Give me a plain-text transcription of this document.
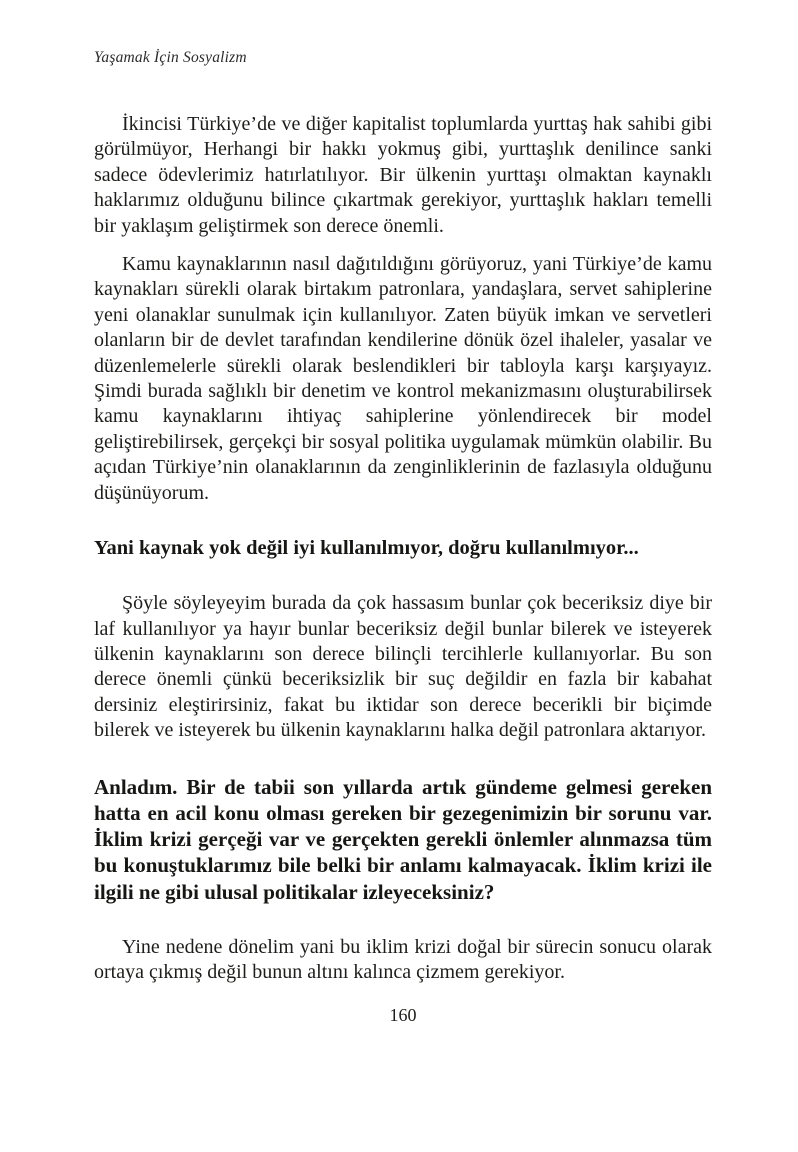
Yaşamak İçin Sosyalizm

İkincisi Türkiye’de ve diğer kapitalist toplumlarda yurttaş hak sahibi gibi görülmüyor, Herhangi bir hakkı yokmuş gibi, yurttaşlık denilince sanki sadece ödevlerimiz hatırlatılıyor. Bir ülkenin yurttaşı olmaktan kaynaklı haklarımız olduğunu bilince çıkartmak gerekiyor, yurttaşlık hakları temelli bir yaklaşım geliştirmek son derece önemli.

Kamu kaynaklarının nasıl dağıtıldığını görüyoruz, yani Türkiye’de kamu kaynakları sürekli olarak birtakım patronlara, yandaşlara, servet sahiplerine yeni olanaklar sunulmak için kullanılıyor. Zaten büyük imkan ve servetleri olanların bir de devlet tarafından kendilerine dönük özel ihaleler, yasalar ve düzenlemelerle sürekli olarak beslendikleri bir tabloyla karşı karşıyayız. Şimdi burada sağlıklı bir denetim ve kontrol mekanizmasını oluşturabilirsek kamu kaynaklarını ihtiyaç sahiplerine yönlendirecek bir model geliştirebilirsek, gerçekçi bir sosyal politika uygulamak mümkün olabilir. Bu açıdan Türkiye’nin olanaklarının da zenginliklerinin de fazlasıyla olduğunu düşünüyorum.

Yani kaynak yok değil iyi kullanılmıyor, doğru kullanılmıyor...

Şöyle söyleyeyim burada da çok hassasım bunlar çok beceriksiz diye bir laf kullanılıyor ya hayır bunlar beceriksiz değil bunlar bilerek ve isteyerek ülkenin kaynaklarını son derece bilinçli tercihlerle kullanıyorlar. Bu son derece önemli çünkü beceriksizlik bir suç değildir en fazla bir kabahat dersiniz eleştirirsiniz, fakat bu iktidar son derece becerikli bir biçimde bilerek ve isteyerek bu ülkenin kaynaklarını halka değil patronlara aktarıyor.

Anladım. Bir de tabii son yıllarda artık gündeme gelmesi gereken hatta en acil konu olması gereken bir gezegenimizin bir sorunu var. İklim krizi gerçeği var ve gerçekten gerekli önlemler alınmazsa tüm bu konuştuklarımız bile belki bir anlamı kalmayacak. İklim krizi ile ilgili ne gibi ulusal politikalar izleyeceksiniz?

Yine nedene dönelim yani bu iklim krizi doğal bir sürecin sonucu olarak ortaya çıkmış değil bunun altını kalınca çizmem gerekiyor.

160
